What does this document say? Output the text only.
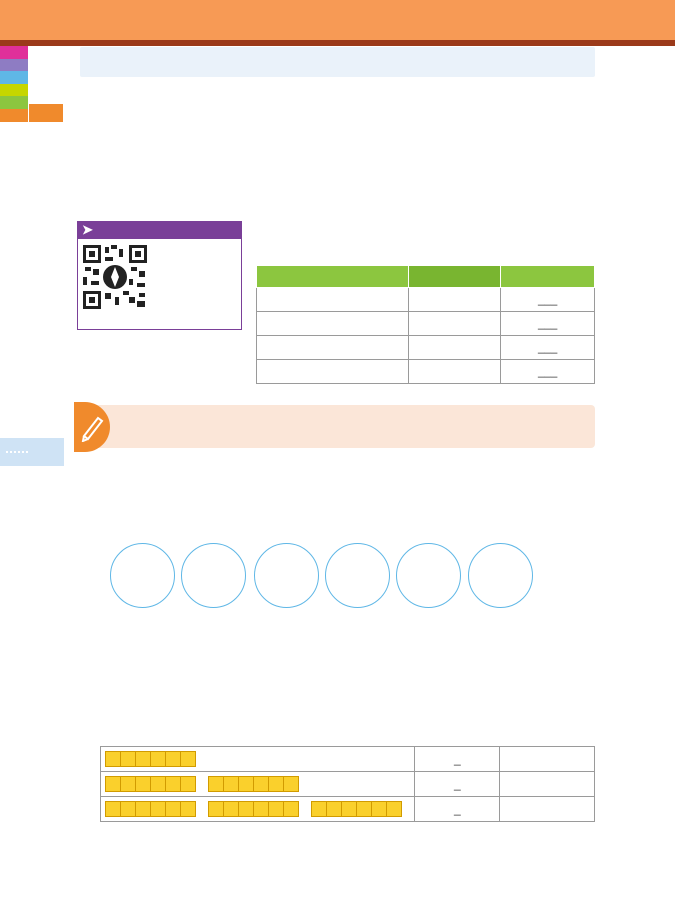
➤

		___
		___
		___
		___
	_	
	_	
	_	
